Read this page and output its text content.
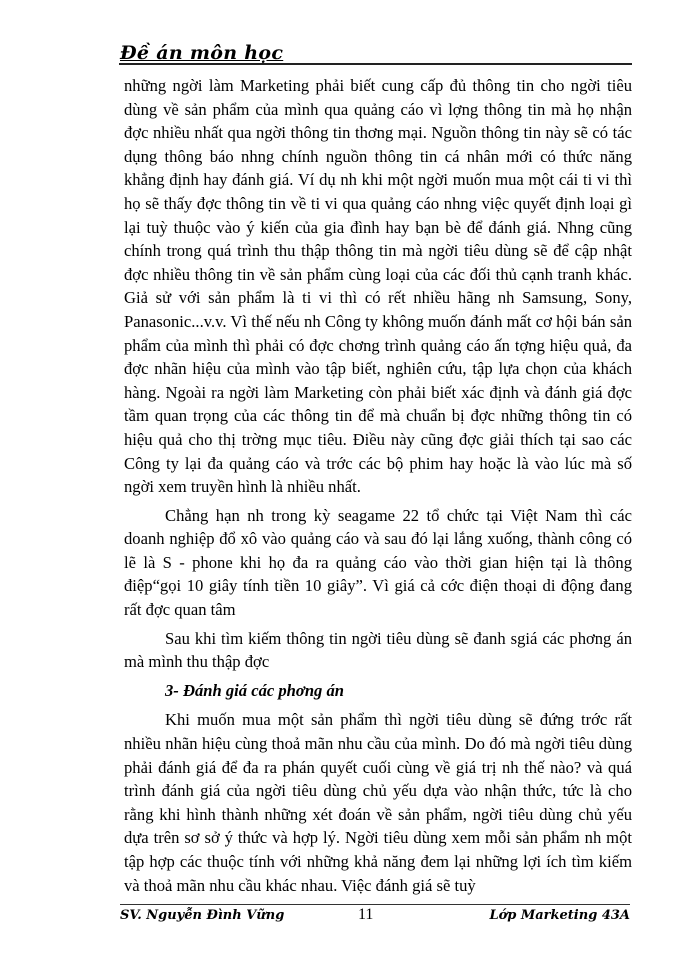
Đề án môn học

những ngời làm Marketing phải biết cung cấp đủ thông tin cho ngời tiêu dùng về sản phẩm của mình qua quảng cáo vì lợng thông tin mà họ nhận đợc nhiều nhất qua ngời thông tin thơng mại. Nguồn thông tin này sẽ có tác dụng thông báo nhng chính nguồn thông tin cá nhân mới có thức năng khẳng định hay đánh giá. Ví dụ nh khi một ngời muốn mua một cái ti vi thì họ sẽ thấy đợc thông tin về ti vi qua quảng cáo nhng việc quyết định loại gì lại tuỳ thuộc vào ý kiến của gia đình hay bạn bè để đánh giá. Nhng cũng chính trong quá trình thu thập thông tin mà ngời tiêu dùng sẽ để cập nhật đợc nhiều thông tin về sản phẩm cùng loại của các đối thủ cạnh tranh khác. Giả sử với sản phẩm là ti vi thì có rết nhiều hãng nh Samsung, Sony, Panasonic...v.v. Vì thế nếu nh Công ty không muốn đánh mất cơ hội bán sản phẩm của mình thì phải có đợc chơng trình quảng cáo ấn tợng hiệu quả, đa đợc nhãn hiệu của mình vào tập biết, nghiên cứu, tập lựa chọn của khách hàng. Ngoài ra ngời làm Marketing còn phải biết xác định và đánh giá đợc tầm quan trọng của các thông tin để mà chuẩn bị đợc những thông tin có hiệu quả cho thị trờng mục tiêu. Điều này cũng đợc giải thích tại sao các Công ty lại đa quảng cáo và trớc các bộ phim hay hoặc là vào lúc mà số ngời xem truyền hình là nhiều nhất.

Chẳng hạn nh trong kỳ seagame 22 tổ chức tại Việt Nam thì các doanh nghiệp đổ xô vào quảng cáo và sau đó lại lắng xuống, thành công có lẽ là S - phone khi họ đa ra quảng cáo vào thời gian hiện tại là thông điệp“gọi 10 giây tính tiền 10 giây”. Vì giá cả cớc điện thoại di động đang rất đợc quan tâm

Sau khi tìm kiếm thông tin ngời tiêu dùng sẽ đanh sgiá các phơng án mà mình thu thập đợc

3- Đánh giá các phơng án

Khi muốn mua một sản phẩm thì ngời tiêu dùng sẽ đứng trớc rất nhiều nhãn hiệu cùng thoả mãn nhu cầu của mình. Do đó mà ngời tiêu dùng phải đánh giá để đa ra phán quyết cuối cùng về giá trị nh thế nào? và quá trình đánh giá của ngời tiêu dùng chủ yếu dựa vào nhận thức, tức là cho rằng khi hình thành những xét đoán về sản phẩm, ngời tiêu dùng chủ yếu dựa trên sơ sở ý thức và hợp lý. Ngời tiêu dùng xem mỗi sản phẩm nh một tập hợp các thuộc tính với những khả năng đem lại những lợi ích tìm kiếm và thoả mãn nhu cầu khác nhau. Việc đánh giá sẽ tuỳ

SV. Nguyễn Đình Vững	11	Lớp Marketing 43A
